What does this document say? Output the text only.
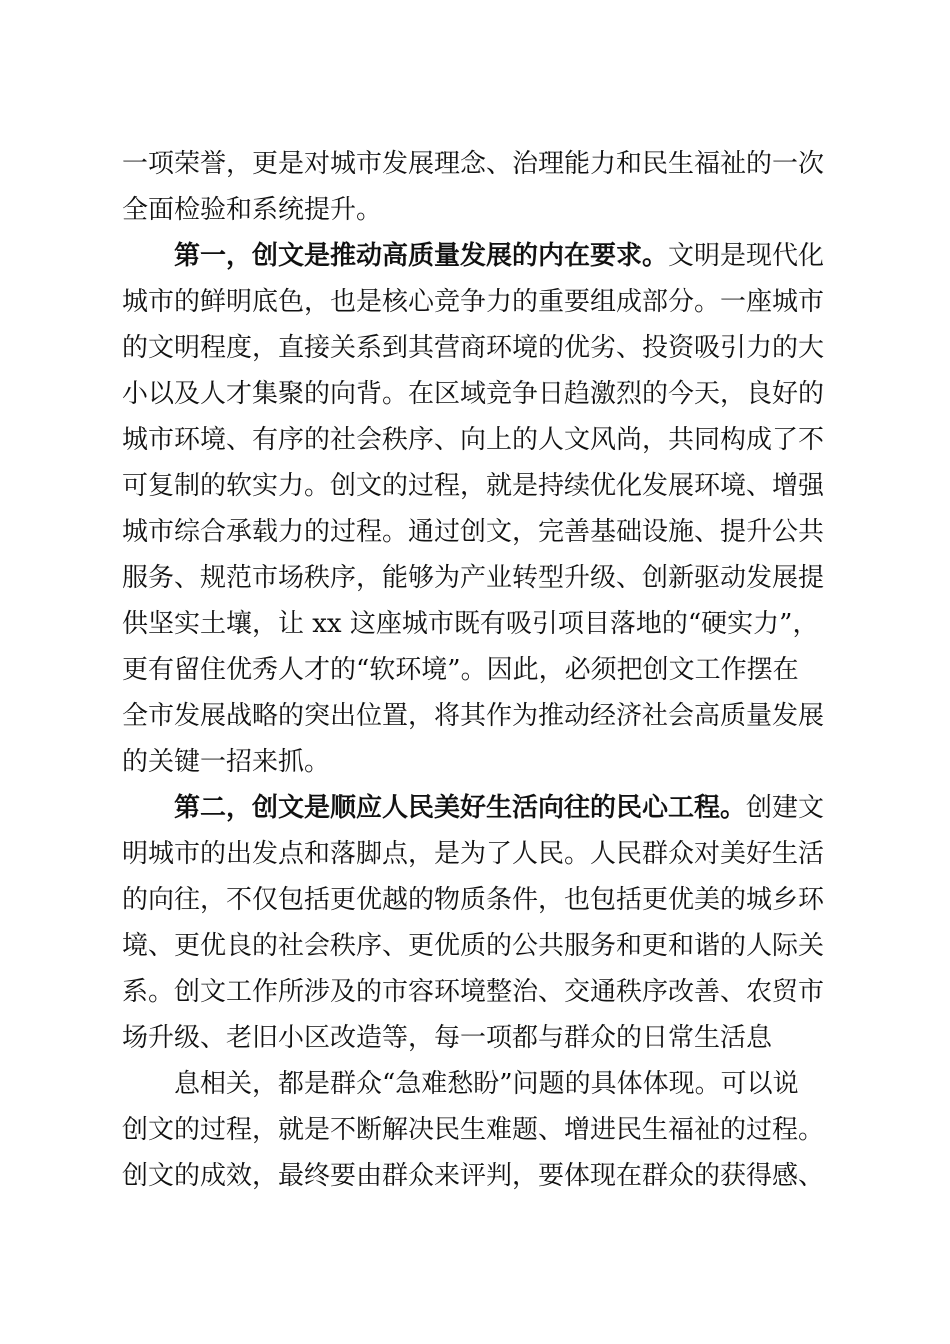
一项荣誉，更是对城市发展理念、治理能力和民生福祉的一次
全面检验和系统提升。
第一，创文是推动高质量发展的内在要求。文明是现代化
城市的鲜明底色，也是核心竞争力的重要组成部分。一座城市
的文明程度，直接关系到其营商环境的优劣、投资吸引力的大
小以及人才集聚的向背。在区域竞争日趋激烈的今天，良好的
城市环境、有序的社会秩序、向上的人文风尚，共同构成了不
可复制的软实力。创文的过程，就是持续优化发展环境、增强
城市综合承载力的过程。通过创文，完善基础设施、提升公共
服务、规范市场秩序，能够为产业转型升级、创新驱动发展提
供坚实土壤，让 xx 这座城市既有吸引项目落地的“硬实力”，
更有留住优秀人才的“软环境”。因此，必须把创文工作摆在
全市发展战略的突出位置，将其作为推动经济社会高质量发展
的关键一招来抓。
第二，创文是顺应人民美好生活向往的民心工程。创建文
明城市的出发点和落脚点，是为了人民。人民群众对美好生活
的向往，不仅包括更优越的物质条件，也包括更优美的城乡环
境、更优良的社会秩序、更优质的公共服务和更和谐的人际关
系。创文工作所涉及的市容环境整治、交通秩序改善、农贸市
场升级、老旧小区改造等，每一项都与群众的日常生活息
息相关，都是群众“急难愁盼”问题的具体体现。可以说
创文的过程，就是不断解决民生难题、增进民生福祉的过程。
创文的成效，最终要由群众来评判，要体现在群众的获得感、
